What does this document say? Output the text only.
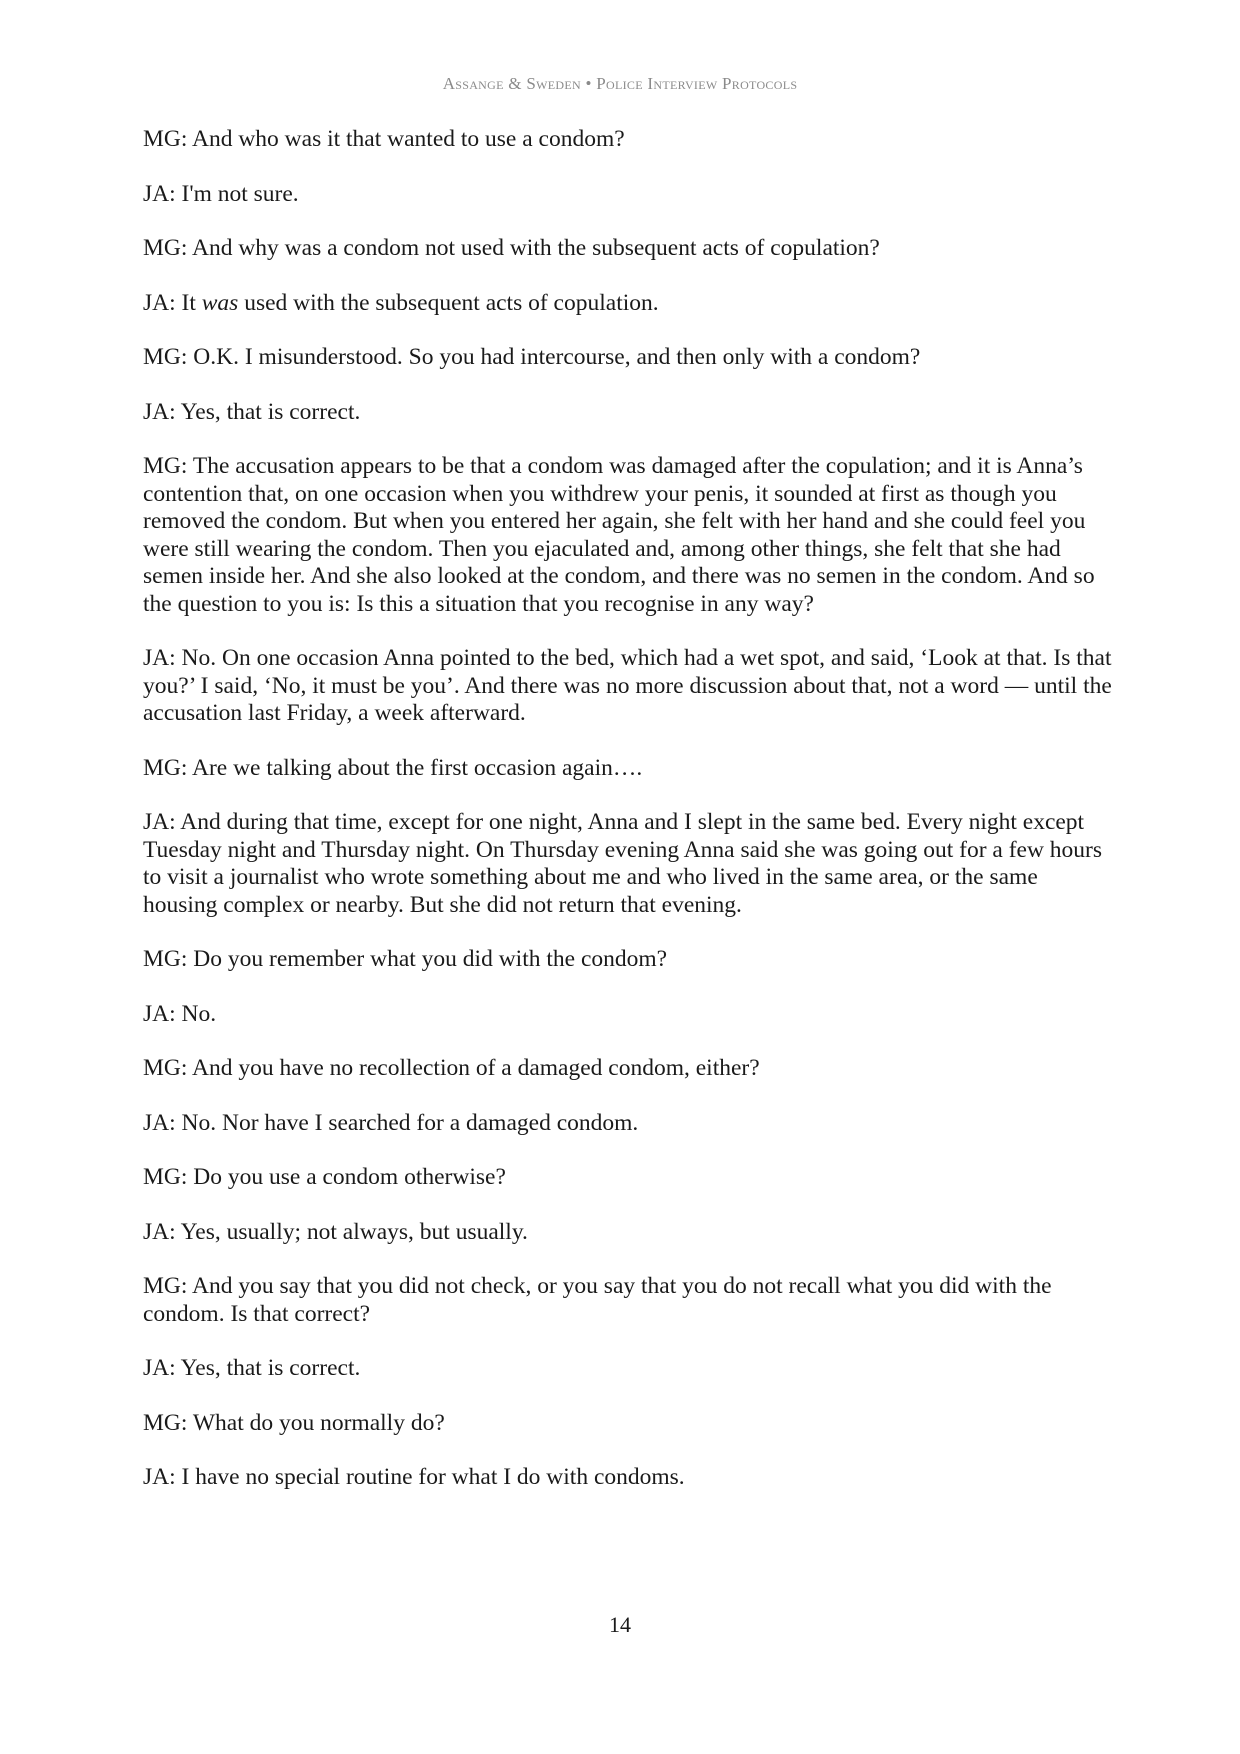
Assange & Sweden • Police Interview Protocols

MG: And who was it that wanted to use a condom?

JA: I'm not sure.

MG: And why was a condom not used with the subsequent acts of copulation?

JA: It was used with the subsequent acts of copulation.

MG: O.K. I misunderstood. So you had intercourse, and then only with a condom?

JA: Yes, that is correct.

MG: The accusation appears to be that a condom was damaged after the copulation; and it is Anna’s contention that, on one occasion when you withdrew your penis, it sounded at first as though you removed the condom. But when you entered her again, she felt with her hand and she could feel you were still wearing the condom. Then you ejaculated and, among other things, she felt that she had semen inside her. And she also looked at the condom, and there was no semen in the condom. And so the question to you is: Is this a situation that you recognise in any way?

JA: No. On one occasion Anna pointed to the bed, which had a wet spot, and said, ‘Look at that. Is that you?’ I said, ‘No, it must be you’. And there was no more discussion about that, not a word — until the accusation last Friday, a week afterward.

MG: Are we talking about the first occasion again….

JA: And during that time, except for one night, Anna and I slept in the same bed. Every night except Tuesday night and Thursday night. On Thursday evening Anna said she was going out for a few hours to visit a journalist who wrote something about me and who lived in the same area, or the same housing complex or nearby. But she did not return that evening.

MG: Do you remember what you did with the condom?

JA: No.

MG: And you have no recollection of a damaged condom, either?

JA: No. Nor have I searched for a damaged condom.

MG: Do you use a condom otherwise?

JA: Yes, usually; not always, but usually.

MG: And you say that you did not check, or you say that you do not recall what you did with the condom. Is that correct?

JA: Yes, that is correct.

MG: What do you normally do?

JA: I have no special routine for what I do with condoms.

14
